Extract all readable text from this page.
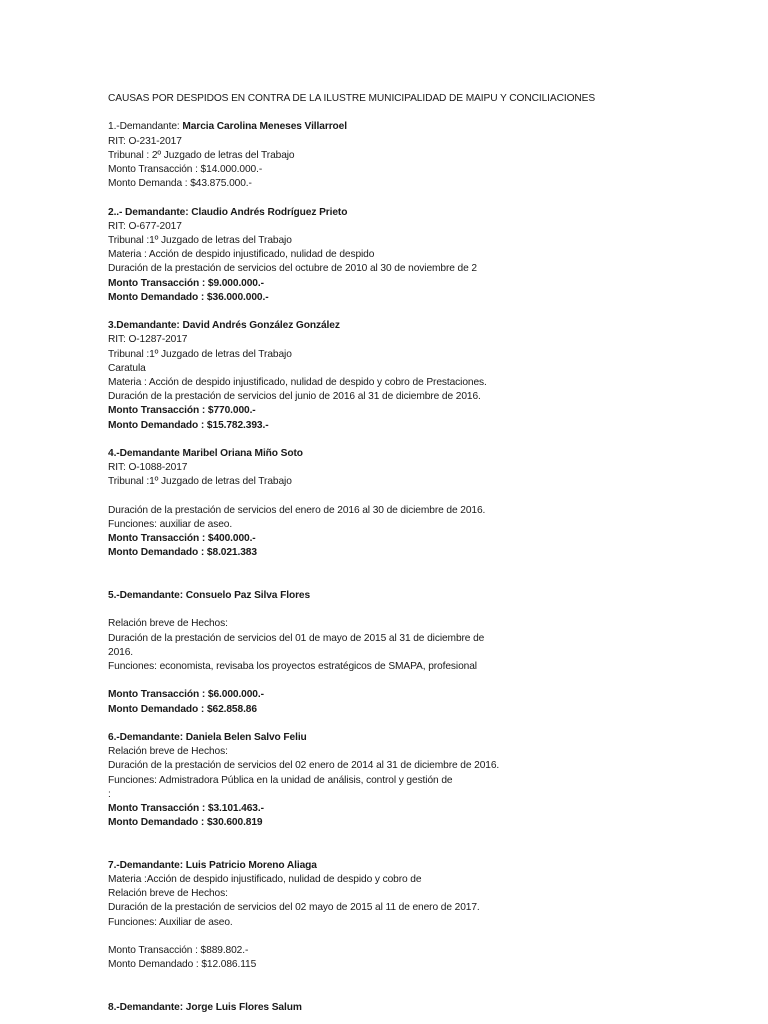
CAUSAS POR DESPIDOS EN CONTRA DE LA ILUSTRE MUNICIPALIDAD DE MAIPU Y CONCILIACIONES
1.-Demandante: Marcia Carolina Meneses Villarroel
RIT: O-231-2017
Tribunal : 2º Juzgado de letras del Trabajo
Monto Transacción : $14.000.000.-
Monto Demanda : $43.875.000.-
2..- Demandante: Claudio Andrés Rodríguez Prieto
RIT: O-677-2017
Tribunal :1º Juzgado de letras del Trabajo
Materia : Acción de despido injustificado, nulidad de despido
Duración de la prestación de servicios del octubre de 2010 al 30 de noviembre de 2
Monto Transacción : $9.000.000.-
Monto Demandado : $36.000.000.-
3.Demandante: David Andrés González González
RIT: O-1287-2017
Tribunal :1º Juzgado de letras del Trabajo
Caratula
Materia : Acción de despido injustificado, nulidad de despido y cobro de Prestaciones.
Duración de la prestación de servicios del junio de 2016 al 31 de diciembre de 2016.
Monto Transacción : $770.000.-
Monto Demandado : $15.782.393.-
4.-Demandante Maribel Oriana Miño Soto
RIT: O-1088-2017
Tribunal :1º Juzgado de letras del Trabajo
Duración de la prestación de servicios del enero de 2016 al 30 de diciembre de 2016.
Funciones: auxiliar de aseo.
Monto Transacción : $400.000.-
Monto Demandado : $8.021.383
5.-Demandante: Consuelo Paz Silva Flores
Relación breve de Hechos:
Duración de la prestación de servicios del 01 de mayo de 2015 al 31 de diciembre de
2016.
Funciones: economista, revisaba los proyectos estratégicos de SMAPA, profesional
Monto Transacción : $6.000.000.-
Monto Demandado : $62.858.86
6.-Demandante: Daniela Belen Salvo Feliu
Relación breve de Hechos:
Duración de la prestación de servicios del 02 enero de 2014 al 31 de diciembre de 2016.
Funciones: Admistradora Pública en la unidad de análisis, control y gestión de
:
Monto Transacción : $3.101.463.-
Monto Demandado : $30.600.819
7.-Demandante: Luis Patricio Moreno Aliaga
Materia :Acción de despido injustificado, nulidad de despido y cobro de
Relación breve de Hechos:
Duración de la prestación de servicios del 02 mayo de 2015 al 11 de enero de 2017.
Funciones: Auxiliar de aseo.
Monto Transacción : $889.802.-
Monto Demandado : $12.086.115
8.-Demandante: Jorge Luis Flores Salum
